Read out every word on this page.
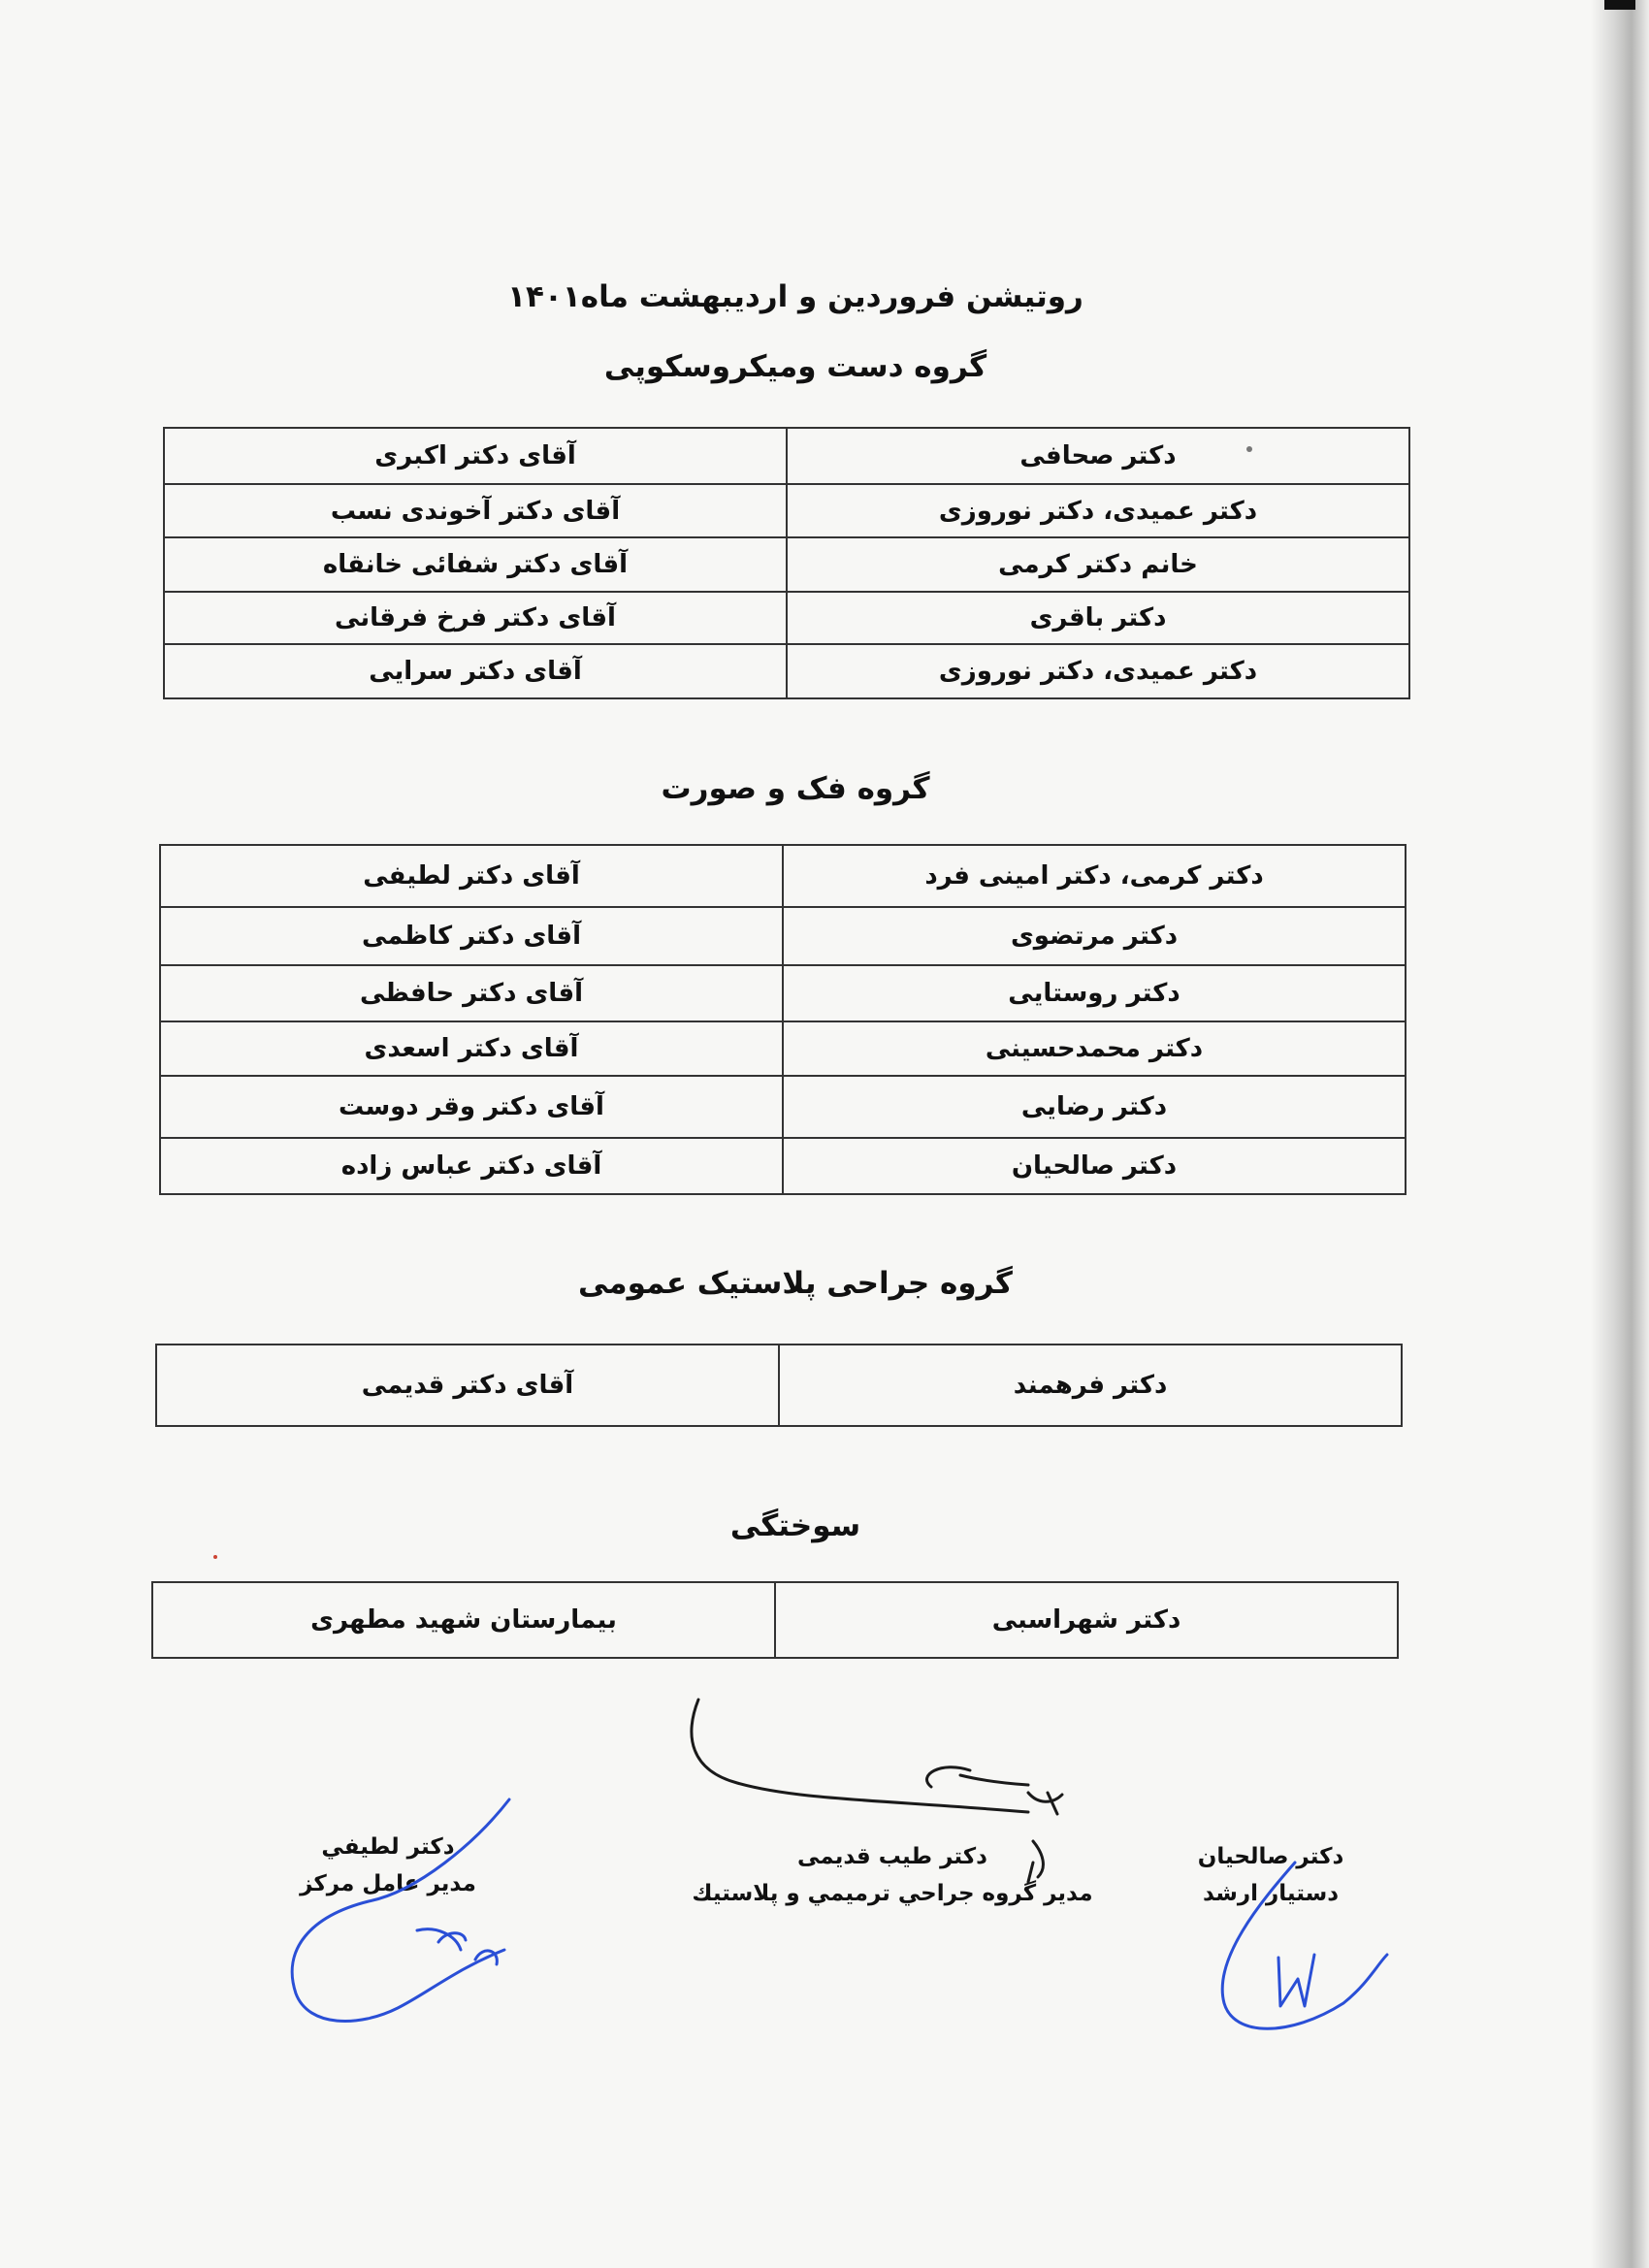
روتیشن فروردین و اردیبهشت ماه۱۴۰۱
گروه دست ومیکروسکوپی
دکتر صحافی	آقای دکتر اکبری
دکتر عمیدی، دکتر نوروزی	آقای دکتر آخوندی نسب
خانم دکتر کرمی	آقای دکتر شفائی خانقاه
دکتر باقری	آقای دکتر فرخ فرقانی
دکتر عمیدی، دکتر نوروزی	آقای دکتر سرایی
گروه فک و صورت
دکتر کرمی، دکتر امینی فرد	آقای دکتر لطیفی
دکتر مرتضوی	آقای دکتر کاظمی
دکتر روستایی	آقای دکتر حافظی
دکتر محمدحسینی	آقای دکتر اسعدی
دکتر رضایی	آقای دکتر وقر دوست
دکتر صالحیان	آقای دکتر عباس زاده
گروه جراحی پلاستیک عمومی
دکتر فرهمند	آقای دکتر قدیمی
سوختگی
دکتر شهراسبی	بیمارستان شهید مطهری
دکتر صالحیان
دستیار ارشد
دکتر طیب قدیمی
مدیر گروه جراحي ترميمي و پلاستيك
دكتر لطيفي
مدير عامل مركز
